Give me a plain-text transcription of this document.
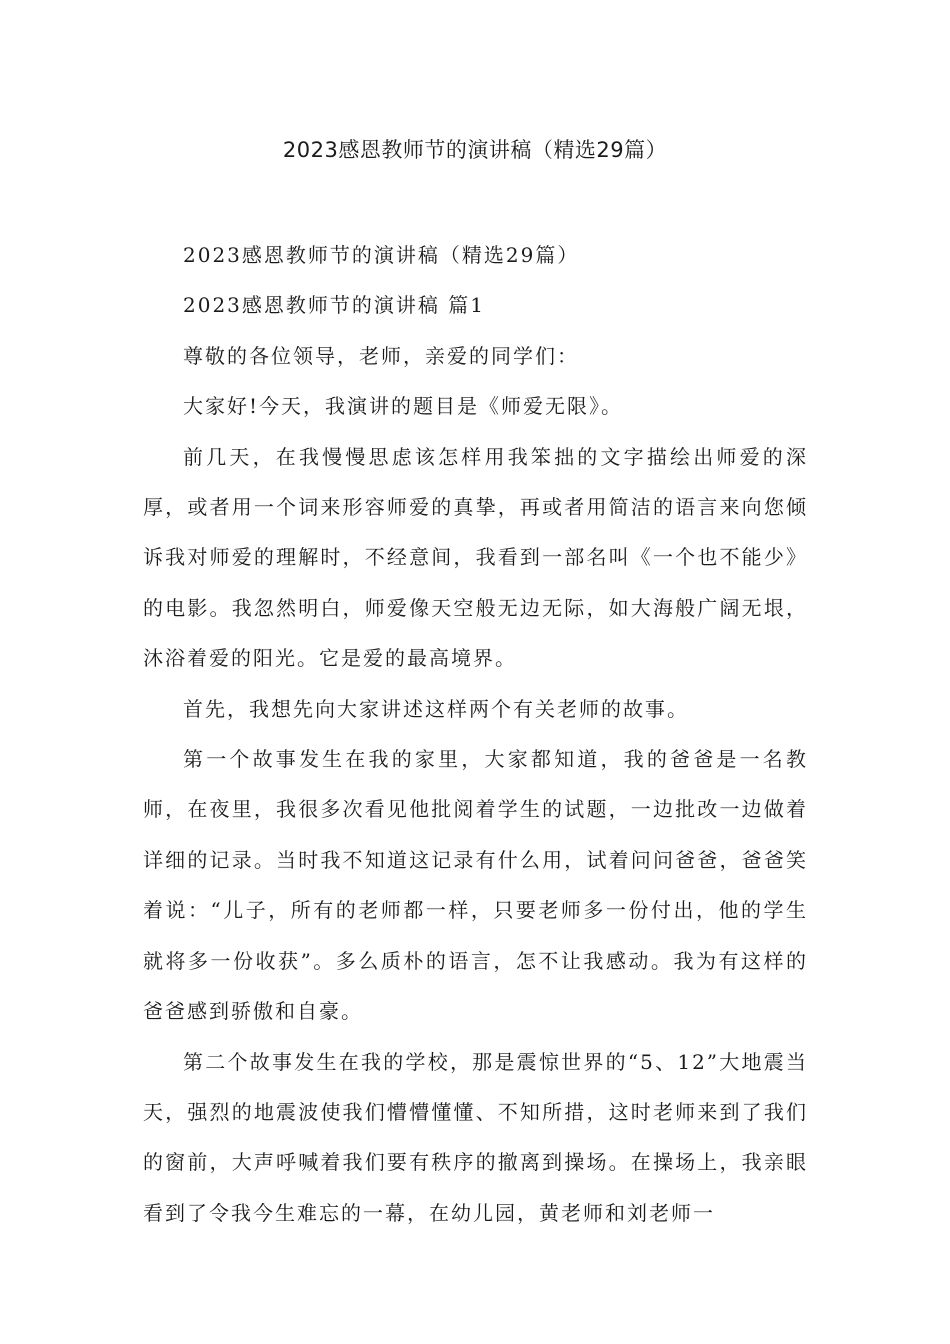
2023感恩教师节的演讲稿（精选29篇）

2023感恩教师节的演讲稿（精选29篇）

2023感恩教师节的演讲稿 篇1

尊敬的各位领导，老师，亲爱的同学们：

大家好!今天，我演讲的题目是《师爱无限》。

前几天，在我慢慢思虑该怎样用我笨拙的文字描绘出师爱的深厚，或者用一个词来形容师爱的真挚，再或者用简洁的语言来向您倾诉我对师爱的理解时，不经意间，我看到一部名叫《一个也不能少》的电影。我忽然明白，师爱像天空般无边无际，如大海般广阔无垠，沐浴着爱的阳光。它是爱的最高境界。

首先，我想先向大家讲述这样两个有关老师的故事。

第一个故事发生在我的家里，大家都知道，我的爸爸是一名教师，在夜里，我很多次看见他批阅着学生的试题，一边批改一边做着详细的记录。当时我不知道这记录有什么用，试着问问爸爸，爸爸笑着说：“儿子，所有的老师都一样，只要老师多一份付出，他的学生就将多一份收获”。多么质朴的语言，怎不让我感动。我为有这样的爸爸感到骄傲和自豪。

第二个故事发生在我的学校，那是震惊世界的“5、12”大地震当天，强烈的地震波使我们懵懵懂懂、不知所措，这时老师来到了我们的窗前，大声呼喊着我们要有秩序的撤离到操场。在操场上，我亲眼看到了令我今生难忘的一幕，在幼儿园，黄老师和刘老师一
